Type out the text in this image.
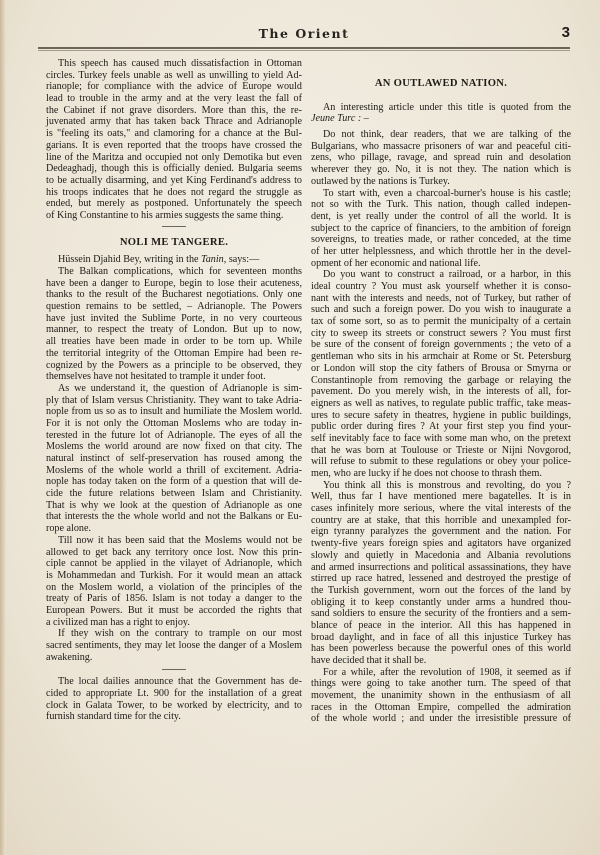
The Orient	3
This speech has caused much dissatisfaction in Ottoman
circles. Turkey feels unable as well as unwilling to yield Ad-
rianople; for compliance with the advice of Europe would
lead to trouble in the army and at the very least the fall of
the Cabinet if not grave disorders. More than this, the re-
juvenated army that has taken back Thrace and Adrianople
is "feeling its oats," and clamoring for a chance at the Bul-
garians. It is even reported that the troops have crossed the
line of the Maritza and occupied not only Demotika but even
Dedeaghadj, though this is officially denied. Bulgaria seems
to be actually disarming, and yet King Ferdinand's address to
his troops indicates that he does not regard the struggle as
ended, but merely as postponed. Unfortunately the speech
of King Constantine to his armies suggests the same thing.
NOLI ME TANGERE.
Hüssein Djahid Bey, writing in the Tanin, says:—
The Balkan complications, which for seventeen months
have been a danger to Europe, begin to lose their acuteness,
thanks to the result of the Bucharest negotiations. Only one
question remains to be settled, – Adrianople. The Powers
have just invited the Sublime Porte, in no very courteous
manner, to respect the treaty of London. But up to now,
all treaties have been made in order to be torn up. While
the territorial integrity of the Ottoman Empire had been re-
cognized by the Powers as a principle to be observed, they
themselves have not hesitated to trample it under foot.
As we understand it, the question of Adrianople is sim-
ply that of Islam versus Christianity. They want to take Adria-
nople from us so as to insult and humiliate the Moslem world.
For it is not only the Ottoman Moslems who are today in-
terested in the future lot of Adrianople. The eyes of all the
Moslems the world around are now fixed on that city. The
natural instinct of self-preservation has roused among the
Moslems of the whole world a thrill of excitement. Adria-
nople has today taken on the form of a question that will de-
cide the future relations between Islam and Christianity.
That is why we look at the question of Adrianople as one
that interests the the whole world and not the Balkans or Eu-
rope alone.
Till now it has been said that the Moslems would not be
allowed to get back any territory once lost. Now this prin-
ciple cannot be applied in the vilayet of Adrianople, which
is Mohammedan and Turkish. For it would mean an attack
on the Moslem world, a violation of the principles of the
treaty of Paris of 1856. Islam is not today a danger to the
European Powers. But it must be accorded the rights that
a civilized man has a right to enjoy.
If they wish on the contrary to trample on our most
sacred sentiments, they may let loose the danger of a Moslem
awakening.
The local dailies announce that the Government has de-
cided to appropriate Lt. 900 for the installation of a great
clock in Galata Tower, to be worked by electricity, and to
furnish standard time for the city.
AN OUTLAWED NATION.
An interesting article under this title is quoted from the
Jeune Turc : –
Do not think, dear readers, that we are talking of the
Bulgarians, who massacre prisoners of war and peaceful citi-
zens, who pillage, ravage, and spread ruin and desolation
wherever they go. No, it is not they. The nation which is
outlawed by the nations is Turkey.
To start with, even a charcoal-burner's house is his castle;
not so with the Turk. This nation, though called indepen-
dent, is yet really under the control of all the world. It is
subject to the caprice of financiers, to the ambition of foreign
sovereigns, to treaties made, or rather conceded, at the time
of her utter helplessness, and which throttle her in the devel-
opment of her economic and national life.
Do you want to construct a railroad, or a harbor, in this
ideal country ? You must ask yourself whether it is conso-
nant with the interests and needs, not of Turkey, but rather of
such and such a foreign power. Do you wish to inaugurate a
tax of some sort, so as to permit the municipalty of a certain
city to sweep its streets or construct sewers ? You must first
be sure of the consent of foreign governments ; the veto of a
gentleman who sits in his armchair at Rome or St. Petersburg
or London will stop the city fathers of Brousa or Smyrna or
Constantinople from removing the garbage or relaying the
pavement. Do you merely wish, in the interests of all, for-
eigners as well as natives, to regulate public traffic, take meas-
ures to secure safety in theatres, hygiene in public buildings,
public order during fires ? At your first step you find your-
self inevitably face to face with some man who, on the pretext
that he was born at Toulouse or Trieste or Nijni Novgorod,
will refuse to submit to these regulations or obey your police-
men, who are lucky if he does not choose to thrash them.
You think all this is monstrous and revolting, do you ?
Well, thus far I have mentioned mere bagatelles. It is in
cases infinitely more serious, where the vital interests of the
country are at stake, that this horrible and unexampled for-
eign tyranny paralyzes the government and the nation. For
twenty-five years foreign spies and agitators have organized
slowly and quietly in Macedonia and Albania revolutions
and armed insurrections and political assassinations, they have
stirred up race hatred, lessened and destroyed the prestige of
the Turkish government, worn out the forces of the land by
obliging it to keep constantly under arms a hundred thou-
sand soldiers to ensure the security of the frontiers and a sem-
blance of peace in the interior. All this has happened in
broad daylight, and in face of all this injustice Turkey has
has been powerless because the powerful ones of this world
have decided that it shall be.
For a while, after the revolution of 1908, it seemed as if
things were going to take another turn. The speed of that
movement, the unanimity shown in the enthusiasm of all
races in the Ottoman Empire, compelled the admiration
of the whole world ; and under the irresistible pressure of
